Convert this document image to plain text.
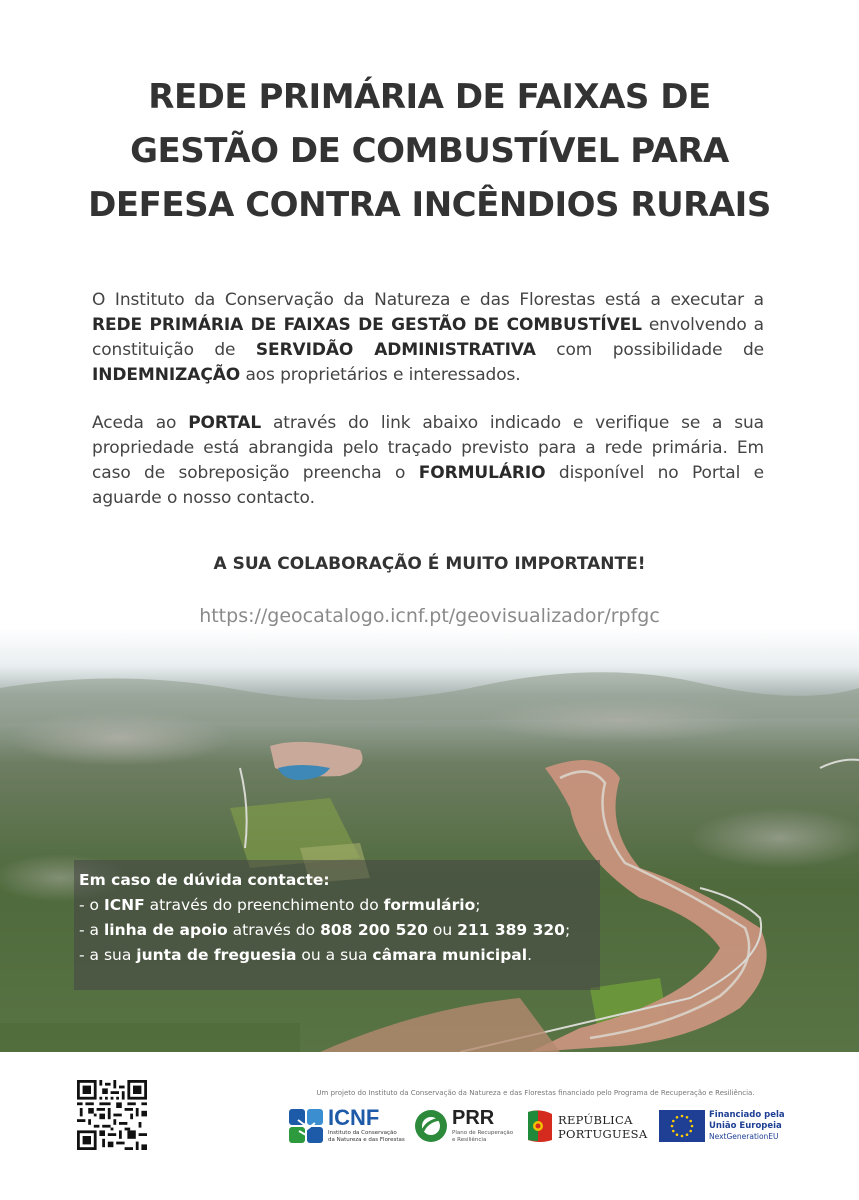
REDE PRIMÁRIA DE FAIXAS DE
GESTÃO DE COMBUSTÍVEL PARA
DEFESA CONTRA INCÊNDIOS RURAIS
O Instituto da Conservação da Natureza e das Florestas está a executar a REDE PRIMÁRIA DE FAIXAS DE GESTÃO DE COMBUSTÍVEL envolvendo a constituição de SERVIDÃO ADMINISTRATIVA com possibilidade de INDEMNIZAÇÃO aos proprietários e interessados.
Aceda ao PORTAL através do link abaixo indicado e verifique se a sua propriedade está abrangida pelo traçado previsto para a rede primária. Em caso de sobreposição preencha o FORMULÁRIO disponível no Portal e aguarde o nosso contacto.
A SUA COLABORAÇÃO É MUITO IMPORTANTE!
https://geocatalogo.icnf.pt/geovisualizador/rpfgc
Em caso de dúvida contacte:
- o ICNF através do preenchimento do formulário;
- a linha de apoio através do 808 200 520 ou 211 389 320;
- a sua junta de freguesia ou a sua câmara municipal.
Um projeto do Instituto da Conservação da Natureza e das Florestas financiado pelo Programa de Recuperação e Resiliência.
ICNF
Instituto da Conservação
da Natureza e das Florestas
PRR
Plano de Recuperação
e Resiliência
REPÚBLICA
PORTUGUESA
Financiado pela
União Europeia
NextGenerationEU
